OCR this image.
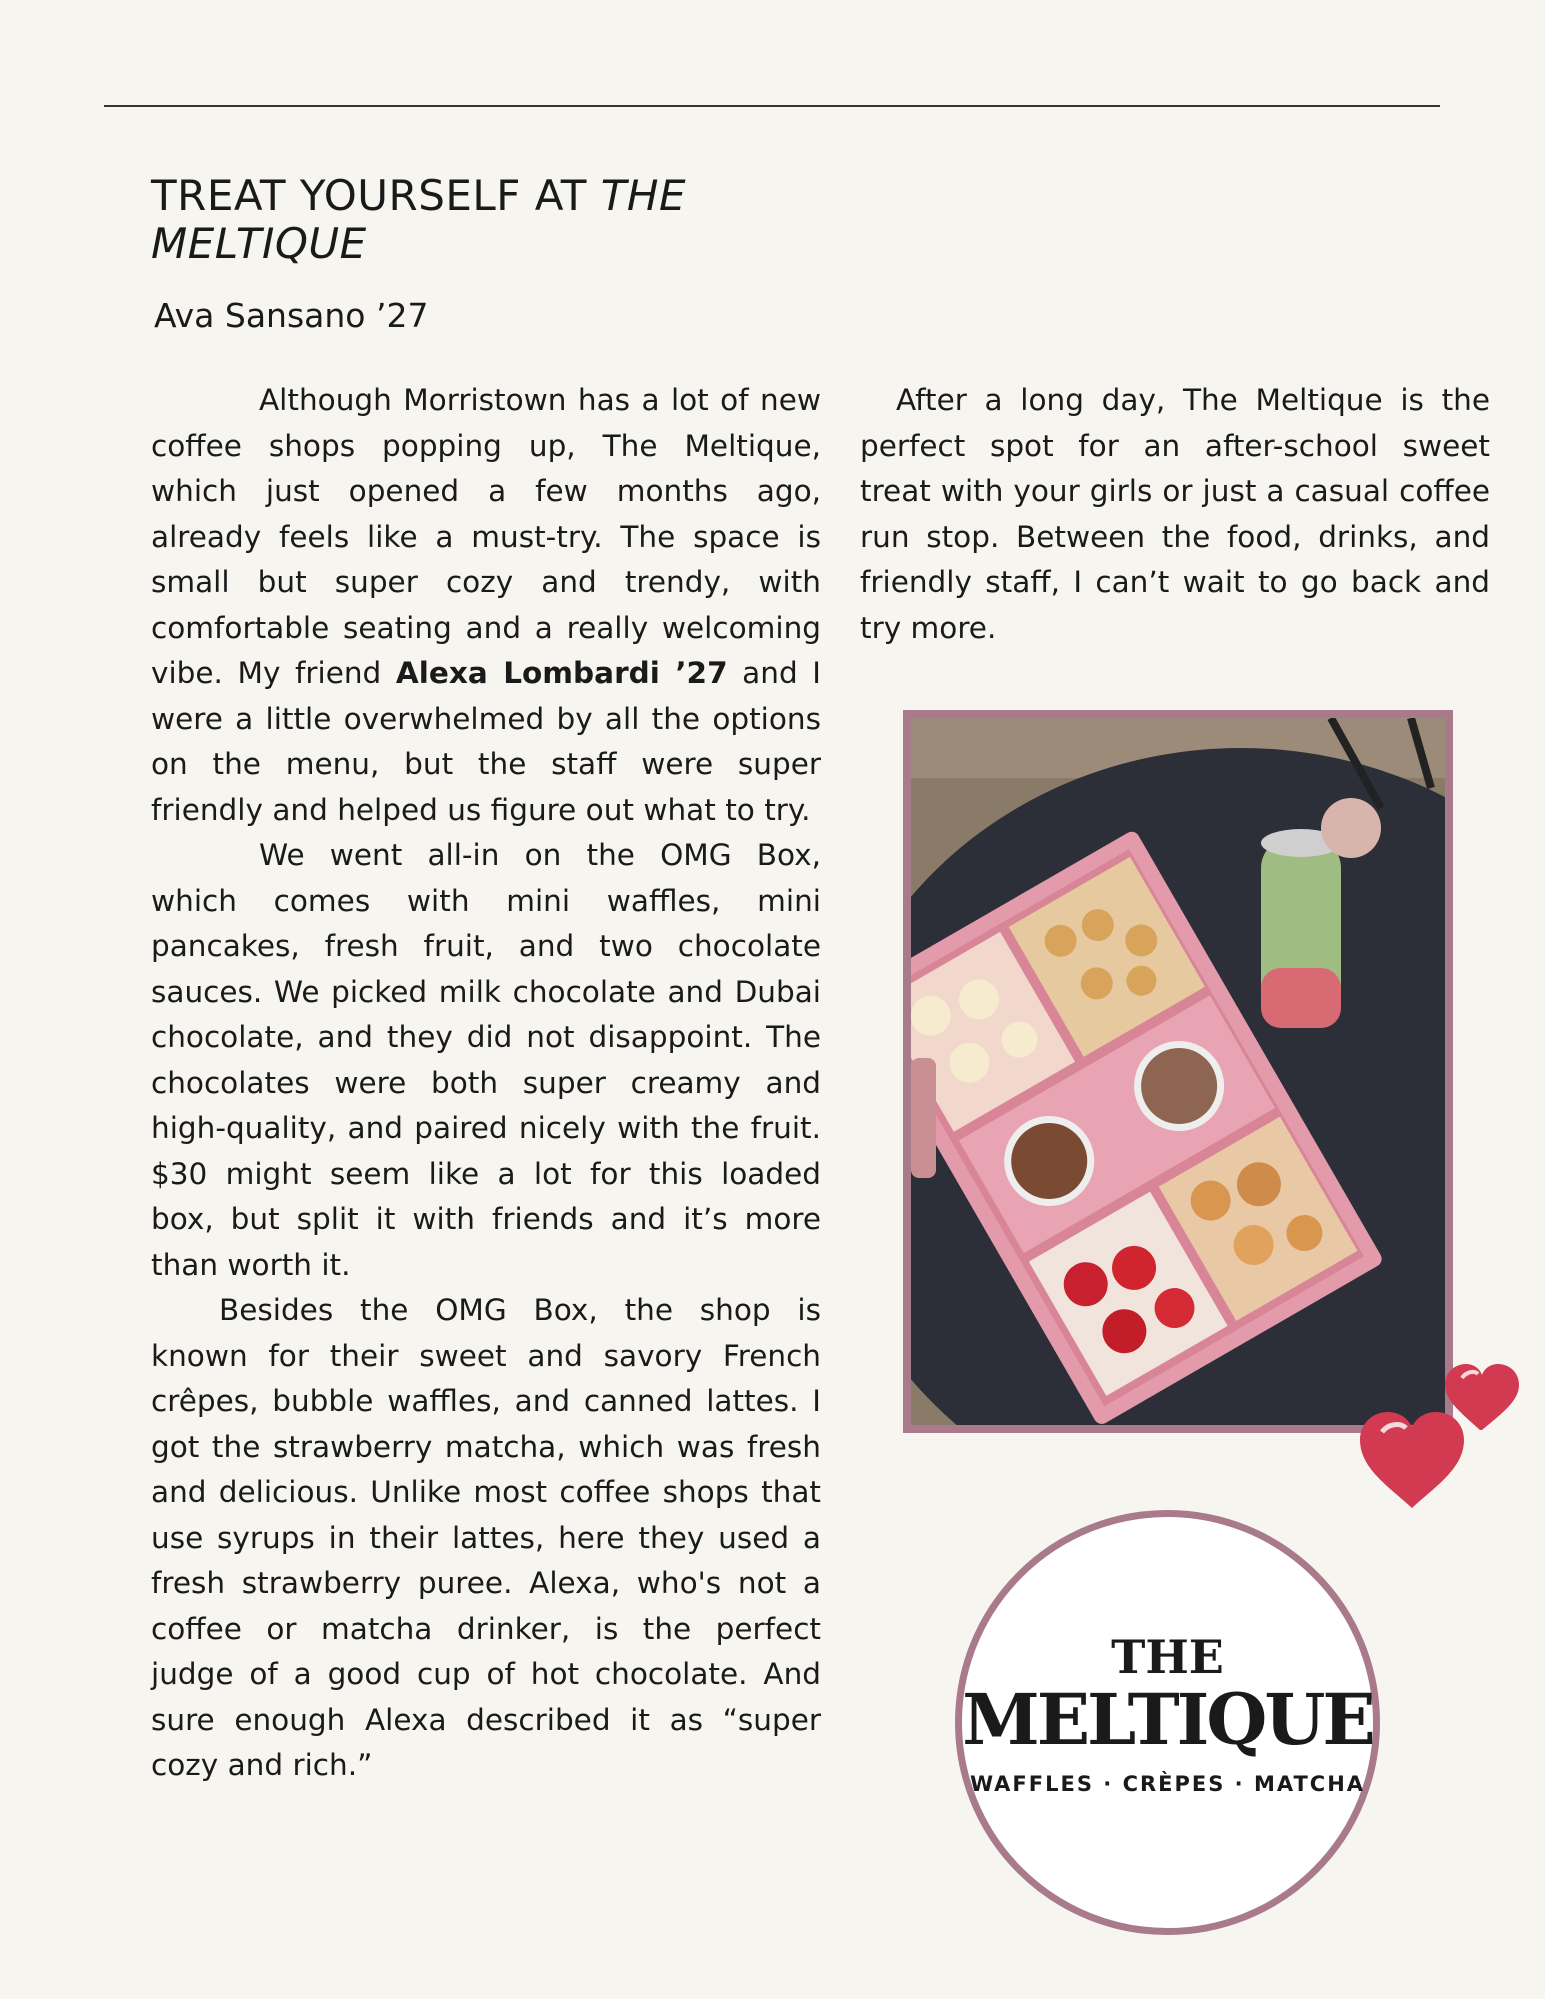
TREAT YOURSELF AT THE MELTIQUE
Ava Sansano ’27

Although Morristown has a lot of new coffee shops popping up, The Meltique, which just opened a few months ago, already feels like a must-try. The space is small but super cozy and trendy, with comfortable seating and a really welcoming vibe. My friend Alexa Lombardi ’27 and I were a little overwhelmed by all the options on the menu, but the staff were super friendly and helped us figure out what to try.

We went all-in on the OMG Box, which comes with mini waffles, mini pancakes, fresh fruit, and two chocolate sauces. We picked milk chocolate and Dubai chocolate, and they did not disappoint. The chocolates were both super creamy and high-quality, and paired nicely with the fruit. $30 might seem like a lot for this loaded box, but split it with friends and it’s more than worth it.

Besides the OMG Box, the shop is known for their sweet and savory French crêpes, bubble waffles, and canned lattes. I got the strawberry matcha, which was fresh and delicious. Unlike most coffee shops that use syrups in their lattes, here they used a fresh strawberry puree. Alexa, who's not a coffee or matcha drinker, is the perfect judge of a good cup of hot chocolate. And sure enough Alexa described it as “super cozy and rich.”

After a long day, The Meltique is the perfect spot for an after-school sweet treat with your girls or just a casual coffee run stop. Between the food, drinks, and friendly staff, I can’t wait to go back and try more.

THE
MELTIQUE
WAFFLES · CRÈPES · MATCHA
